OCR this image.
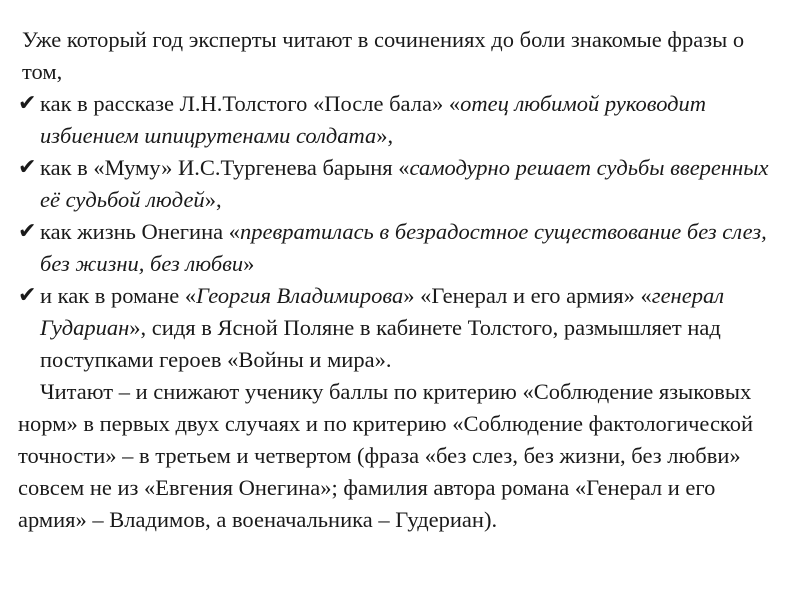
Уже который год эксперты читают в сочинениях до боли знакомые фразы о том,

✔ как в рассказе Л.Н.Толстого «После бала» «отец любимой руководит избиением шпицрутенами солдата»,
✔ как в «Муму» И.С.Тургенева барыня «самодурно решает судьбы вверенных её судьбой людей»,
✔ как жизнь Онегина «превратилась в безрадостное существование без слез, без жизни, без любви»
✔ и как в романе «Георгия Владимирова» «Генерал и его армия» «генерал Гудариан», сидя в Ясной Поляне в кабинете Толстого, размышляет над поступками героев «Войны и мира».

Читают – и снижают ученику баллы по критерию «Соблюдение языковых норм» в первых двух случаях и по критерию «Соблюдение фактологической точности» – в третьем и четвертом (фраза «без слез, без жизни, без любви» совсем не из «Евгения Онегина»; фамилия автора романа «Генерал и его армия» – Владимов, а военачальника – Гудериан).
